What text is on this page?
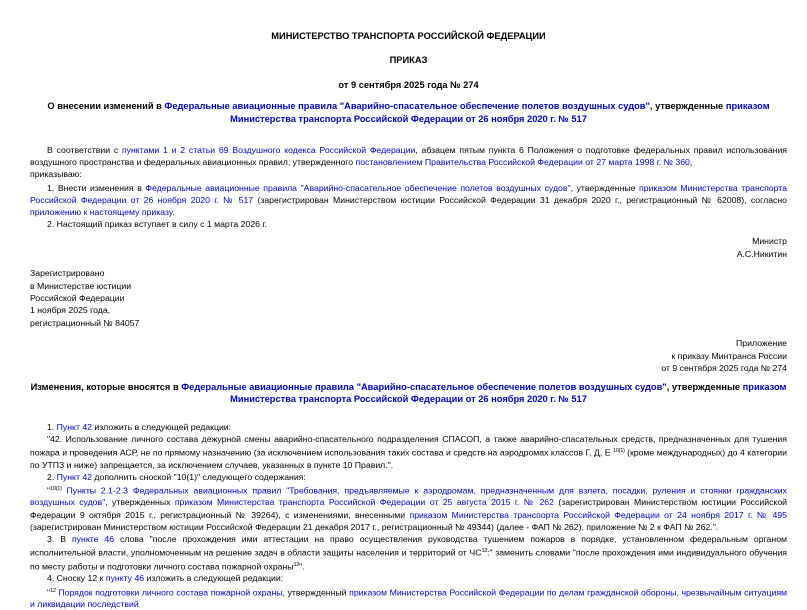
МИНИСТЕРСТВО ТРАНСПОРТА РОССИЙСКОЙ ФЕДЕРАЦИИ
ПРИКАЗ
от 9 сентября 2025 года № 274
О внесении изменений в Федеральные авиационные правила "Аварийно-спасательное обеспечение полетов воздушных судов", утвержденные приказом Министерства транспорта Российской Федерации от 26 ноября 2020 г. № 517
В соответствии с пунктами 1 и 2 статьи 69 Воздушного кодекса Российской Федерации, абзацем пятым пункта 6 Положения о подготовке федеральных правил использования воздушного пространства и федеральных авиационных правил, утвержденного постановлением Правительства Российской Федерации от 27 марта 1998 г. № 360,
приказываю:
1. Внести изменения в Федеральные авиационные правила "Аварийно-спасательное обеспечение полетов воздушных судов", утвержденные приказом Министерства транспорта Российской Федерации от 26 ноября 2020 г. № 517 (зарегистрирован Министерством юстиции Российской Федерации 31 декабря 2020 г., регистрационный № 62008), согласно приложению к настоящему приказу.
2. Настоящий приказ вступает в силу с 1 марта 2026 г.
Министр
А.С.Никитин
Зарегистрировано
в Министерстве юстиции
Российской Федерации
1 ноября 2025 года,
регистрационный № 84057
Приложение
к приказу Минтранса России
от 9 сентября 2025 года № 274
Изменения, которые вносятся в Федеральные авиационные правила "Аварийно-спасательное обеспечение полетов воздушных судов", утвержденные приказом Министерства транспорта Российской Федерации от 26 ноября 2020 г. № 517
1. Пункт 42 изложить в следующей редакции:
"42. Использование личного состава дежурной смены аварийно-спасательного подразделения СПАСОП, а также аварийно-спасательных средств, предназначенных для тушения пожара и проведения АСР, не по прямому назначению (за исключением использования таких состава и средств на аэродромах классов Г, Д, Е $^{10(1)}$ (кроме международных) до 4 категории по УТПЗ и ниже) запрещается, за исключением случаев, указанных в пункте 10 Правил.".
2. Пункт 42 дополнить сноской "10(1)" следующего содержания:
"$^{10(1)}$ Пункты 2.1-2.3 Федеральных авиационных правил "Требования, предъявляемые к аэродромам, предназначенным для взлета, посадки, руления и стоянки гражданских воздушных судов", утвержденных приказом Министерства транспорта Российской Федерации от 25 августа 2015 г. № 262 (зарегистрирован Министерством юстиции Российской Федерации 9 октября 2015 г., регистрационный № 39264), с изменениями, внесенными приказом Министерства транспорта Российской Федерации от 24 ноября 2017 г. № 495 (зарегистрирован Министерством юстиции Российской Федерации 21 декабря 2017 г., регистрационный № 49344) (далее - ФАП № 262), приложение № 2 к ФАП № 262.".
3. В пункте 46 слова "после прохождения ими аттестации на право осуществления руководства тушением пожаров в порядке, установленном федеральным органом исполнительной власти, уполномоченным на решение задач в области защиты населения и территорий от ЧС$^{12}$:" заменить словами "после прохождения ими индивидуального обучения по месту работы и подготовки личного состава пожарной охраны$^{12}$".
4. Сноску 12 к пункту 46 изложить в следующей редакции:
"$^{12}$ Порядок подготовки личного состава пожарной охраны, утвержденный приказом Министерства Российской Федерации по делам гражданской обороны, чрезвычайным ситуациям и ликвидации последствий
